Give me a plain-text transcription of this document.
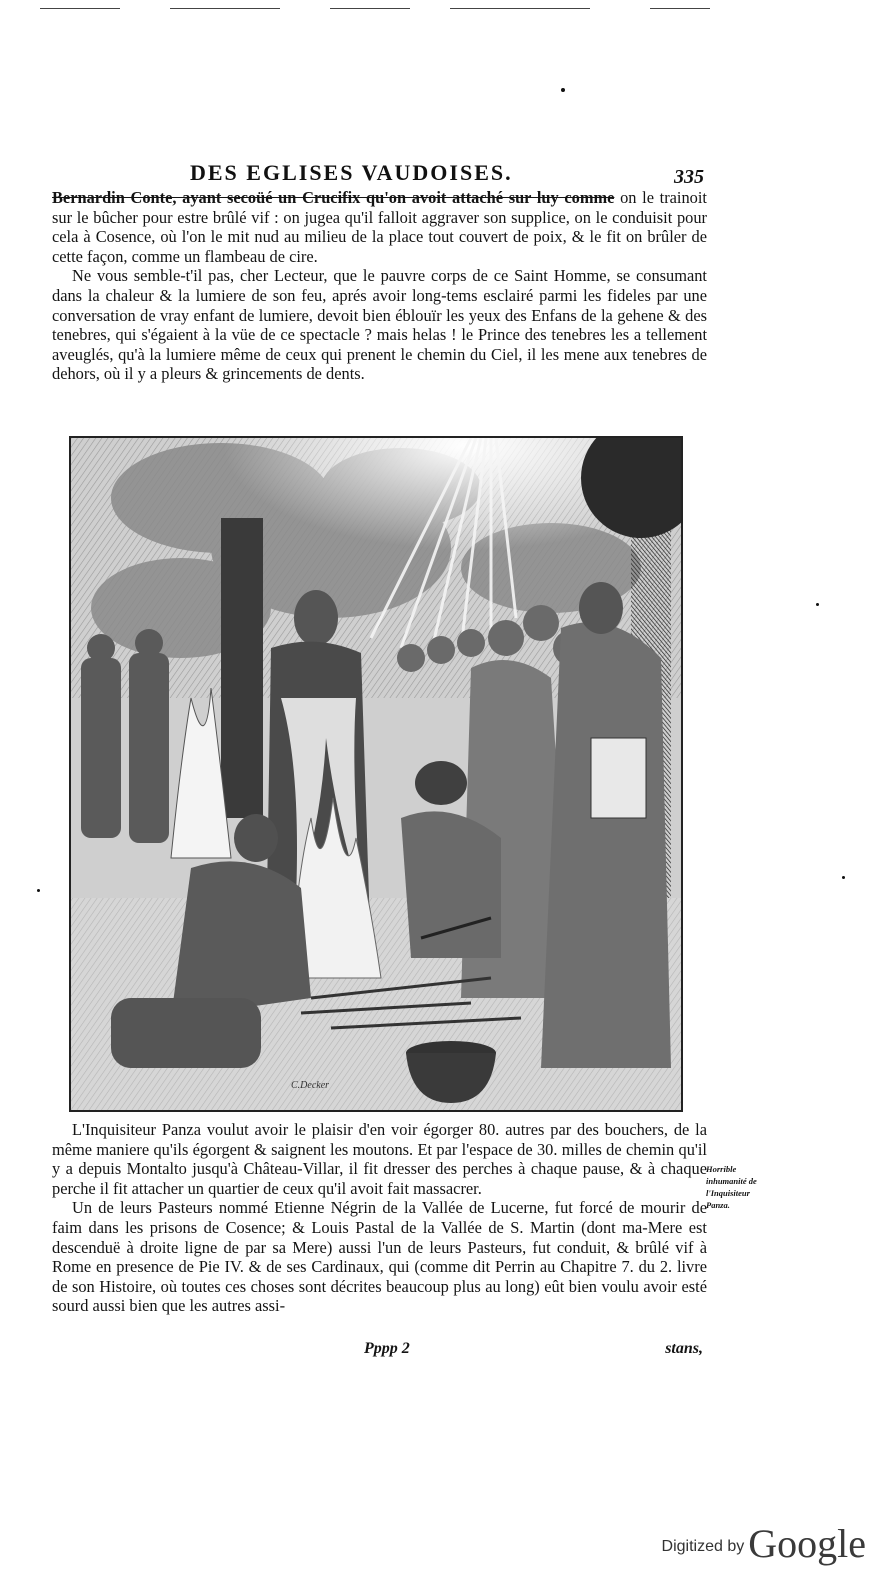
DES EGLISES VAUDOISES.	335

Bernardin Conte, ayant secoüé un Crucifix qu'on avoit attaché sur luy comme on le trainoit sur le bûcher pour estre brûlé vif : on jugea qu'il falloit aggraver son supplice, on le conduisit pour cela à Cosence, où l'on le mit nud au milieu de la place tout couvert de poix, & le fit on brûler de cette façon, comme un flambeau de cire.

Ne vous semble-t'il pas, cher Lecteur, que le pauvre corps de ce Saint Homme, se consumant dans la chaleur & la lumiere de son feu, aprés avoir long-tems esclairé parmi les fideles par une conversation de vray enfant de lumiere, devoit bien éblouïr les yeux des Enfans de la gehene & des tenebres, qui s'égaient à la vüe de ce spectacle ? mais helas ! le Prince des tenebres les a tellement aveuglés, qu'à la lumiere même de ceux qui prenent le chemin du Ciel, il les mene aux tenebres de dehors, où il y a pleurs & grincements de dents.

C.Decker

L'Inquisiteur Panza voulut avoir le plaisir d'en voir égorger 80. autres par des bouchers, de la même maniere qu'ils égorgent & saignent les moutons. Et par l'espace de 30. milles de chemin qu'il y a depuis Montalto jusqu'à Château-Villar, il fit dresser des perches à chaque pause, & à chaque perche il fit attacher un quartier de ceux qu'il avoit fait massacrer.

Un de leurs Pasteurs nommé Etienne Négrin de la Vallée de Lucerne, fut forcé de mourir de faim dans les prisons de Cosence; & Louis Pastal de la Vallée de S. Martin (dont ma-Mere est descenduë à droite ligne de par sa Mere) aussi l'un de leurs Pasteurs, fut conduit, & brûlé vif à Rome en presence de Pie IV. & de ses Cardinaux, qui (comme dit Perrin au Chapitre 7. du 2. livre de son Histoire, où toutes ces choses sont décrites beaucoup plus au long) eût bien voulu avoir esté sourd aussi bien que les autres assi-

Horrible inhumanité de l'Inquisiteur Panza.
Pppp 2	stans,
Digitized by Google
